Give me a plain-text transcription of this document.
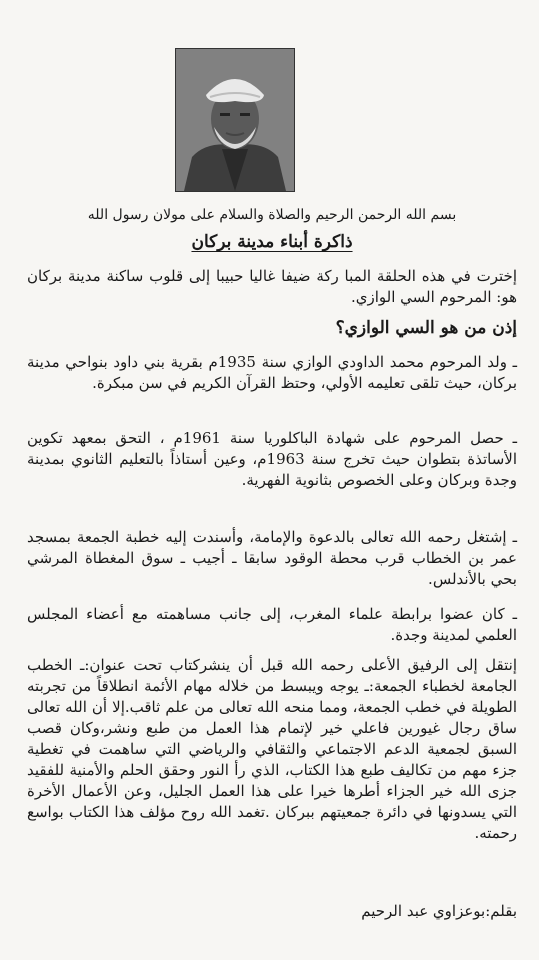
بسم الله الرحمن الرحيم والصلاة والسلام على مولان رسول الله

ذاكرة أبناء مدينة بركان

إخترت في هذه الحلقة المبا ركة ضيفا غاليا حبيبا إلى قلوب ساكنة مدينة بركان هو: المرحوم السي الوازي.

إذن من هو السي الوازي؟

ـ ولد المرحوم محمد الداودي الوازي سنة 1935م بقرية بني داود بنواحي مدينة بركان، حيث تلقى تعليمه الأولي، وحتظ القرآن الكريم في سن مبكرة.

ـ حصل المرحوم على شهادة الباكلوريا سنة 1961م ، التحق بمعهد تكوين الأساتذة بتطوان حيث تخرج سنة 1963م، وعين أستاذاً بالتعليم الثانوي بمدينة وجدة وبركان وعلى الخصوص بثانوية الفهرية.

ـ إشتغل رحمه الله تعالى بالدعوة والإمامة، وأسندت إليه خطبة الجمعة بمسجد عمر بن الخطاب قرب محطة الوقود سابقا ـ أجيب ـ سوق المغطاة المرشي بحي بالأندلس.

ـ كان عضوا برابطة علماء المغرب، إلى جانب مساهمته مع أعضاء المجلس العلمي لمدينة وجدة.

إنتقل إلى الرفيق الأعلى رحمه الله قبل أن ينشركتاب تحت عنوان:ـ الخطب الجامعة لخطباء الجمعة:ـ يوجه ويبسط من خلاله مهام الأئمة انطلاقاً من تجربته الطويلة في خطب الجمعة، ومما منحه الله تعالى من علم ثاقب.إلا أن الله تعالى ساق رجال غيورين فاعلي خير لإتمام هذا العمل من طبع ونشر،وكان قصب السبق لجمعية الدعم الاجتماعي والثقافي والرياضي التي ساهمت في تغطية جزء مهم من تكاليف طبع هذا الكتاب، الذي رأ النور وحقق الحلم والأمنية للفقيد جزى الله خير الجزاء أطرها خيرا على هذا العمل الجليل، وعن الأعمال الأخرة التي يسدونها في دائرة جمعيتهم ببركان .تغمد الله روح مؤلف هذا الكتاب بواسع رحمته.

بقلم:بوعزاوي عبد الرحيم
